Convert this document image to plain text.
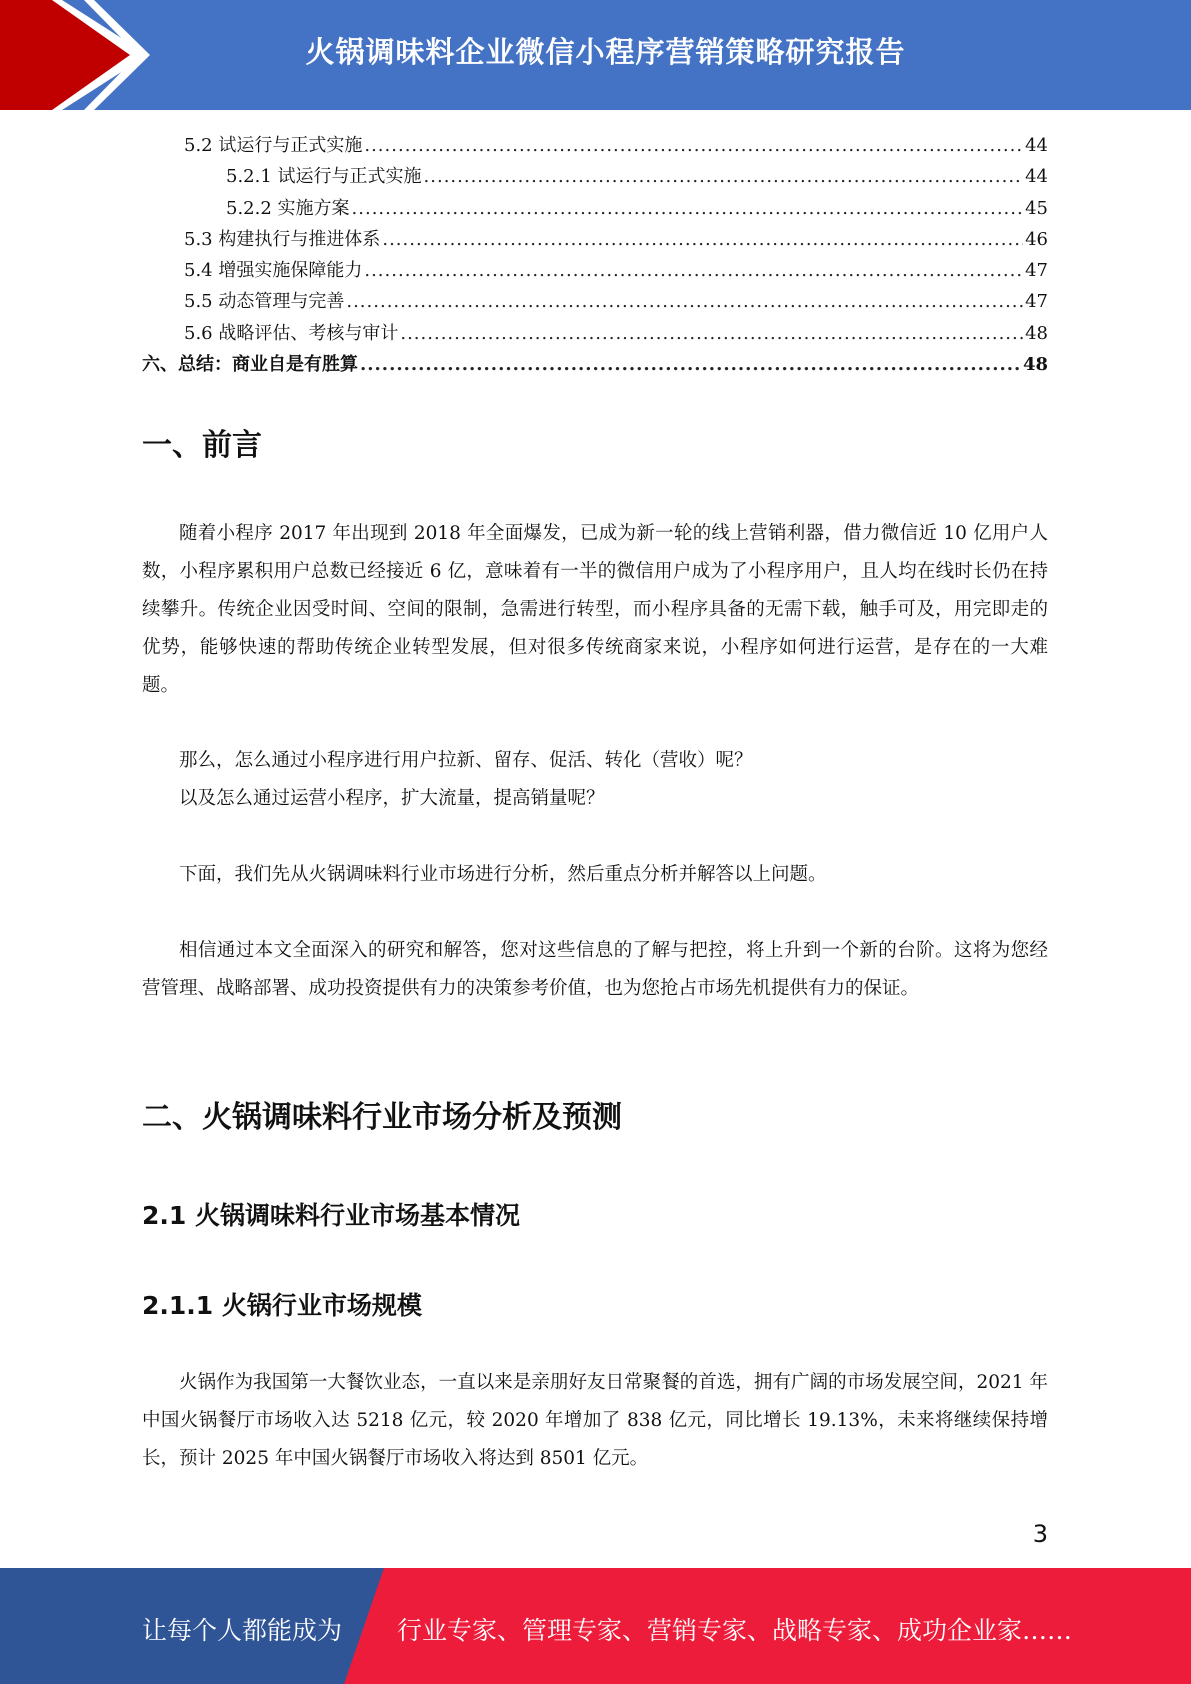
火锅调味料企业微信小程序营销策略研究报告
5.2 试运行与正式实施 .....	44
5.2.1 试运行与正式实施 .....	44
5.2.2 实施方案 .....	45
5.3 构建执行与推进体系 .....	46
5.4 增强实施保障能力 .....	47
5.5 动态管理与完善 .....	47
5.6 战略评估、考核与审计 .....	48
六、总结：商业自是有胜算 .....	48
一、前言
随着小程序 2017 年出现到 2018 年全面爆发，已成为新一轮的线上营销利器，借力微信近 10 亿用户人数，小程序累积用户总数已经接近 6 亿，意味着有一半的微信用户成为了小程序用户，且人均在线时长仍在持续攀升。传统企业因受时间、空间的限制，急需进行转型，而小程序具备的无需下载，触手可及，用完即走的优势，能够快速的帮助传统企业转型发展，但对很多传统商家来说，小程序如何进行运营，是存在的一大难题。
那么，怎么通过小程序进行用户拉新、留存、促活、转化（营收）呢？
以及怎么通过运营小程序，扩大流量，提高销量呢？
下面，我们先从火锅调味料行业市场进行分析，然后重点分析并解答以上问题。
相信通过本文全面深入的研究和解答，您对这些信息的了解与把控，将上升到一个新的台阶。这将为您经营管理、战略部署、成功投资提供有力的决策参考价值，也为您抢占市场先机提供有力的保证。
二、火锅调味料行业市场分析及预测
2.1 火锅调味料行业市场基本情况
2.1.1 火锅行业市场规模
火锅作为我国第一大餐饮业态，一直以来是亲朋好友日常聚餐的首选，拥有广阔的市场发展空间，2021 年中国火锅餐厅市场收入达 5218 亿元，较 2020 年增加了 838 亿元，同比增长 19.13%，未来将继续保持增长，预计 2025 年中国火锅餐厅市场收入将达到 8501 亿元。
3
让每个人都能成为 行业专家、管理专家、营销专家、战略专家、成功企业家……
